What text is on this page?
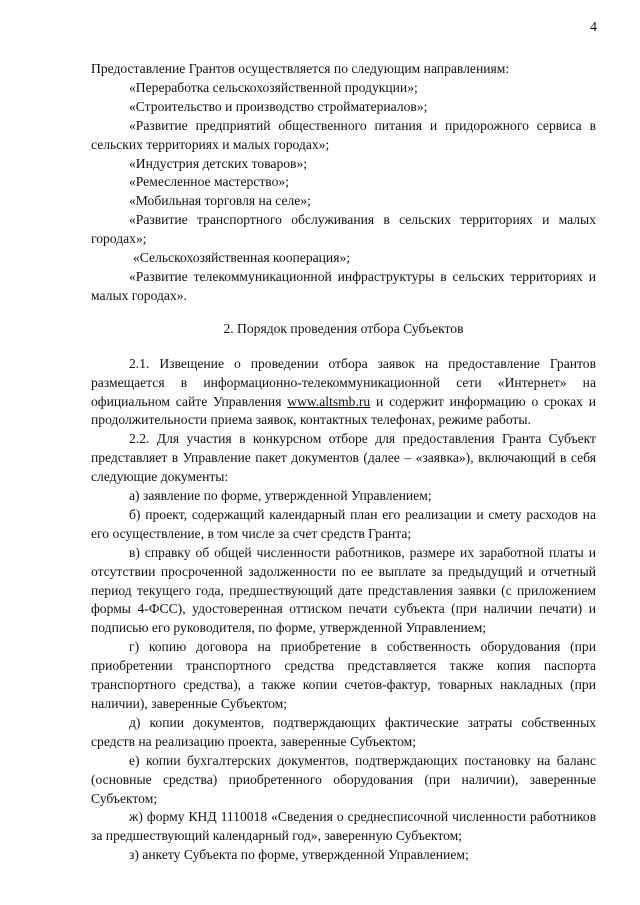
4

Предоставление Грантов осуществляется по следующим направлениям:

«Переработка сельскохозяйственной продукции»;

«Строительство и производство стройматериалов»;

«Развитие предприятий общественного питания и придорожного сервиса в сельских территориях и малых городах»;

«Индустрия детских товаров»;

«Ремесленное мастерство»;

«Мобильная торговля на селе»;

«Развитие транспортного обслуживания в сельских территориях и малых городах»;

«Сельскохозяйственная кооперация»;

«Развитие телекоммуникационной инфраструктуры в сельских территориях и малых городах».

2. Порядок проведения отбора Субъектов

2.1. Извещение о проведении отбора заявок на предоставление Грантов размещается в информационно-телекоммуникационной сети «Интернет» на официальном сайте Управления www.altsmb.ru и содержит информацию о сроках и продолжительности приема заявок, контактных телефонах, режиме работы.

2.2. Для участия в конкурсном отборе для предоставления Гранта Субъект представляет в Управление пакет документов (далее – «заявка»), включающий в себя следующие документы:

а) заявление по форме, утвержденной Управлением;

б) проект, содержащий календарный план его реализации и смету расходов на его осуществление, в том числе за счет средств Гранта;

в) справку об общей численности работников, размере их заработной платы и отсутствии просроченной задолженности по ее выплате за предыдущий и отчетный период текущего года, предшествующий дате представления заявки (с приложением формы 4-ФСС), удостоверенная оттиском печати субъекта (при наличии печати) и подписью его руководителя, по форме, утвержденной Управлением;

г) копию договора на приобретение в собственность оборудования (при приобретении транспортного средства представляется также копия паспорта транспортного средства), а также копии счетов-фактур, товарных накладных (при наличии), заверенные Субъектом;

д) копии документов, подтверждающих фактические затраты собственных средств на реализацию проекта, заверенные Субъектом;

е) копии бухгалтерских документов, подтверждающих постановку на баланс (основные средства) приобретенного оборудования (при наличии), заверенные Субъектом;

ж) форму КНД 1110018 «Сведения о среднесписочной численности работников за предшествующий календарный год», заверенную Субъектом;

з) анкету Субъекта по форме, утвержденной Управлением;
